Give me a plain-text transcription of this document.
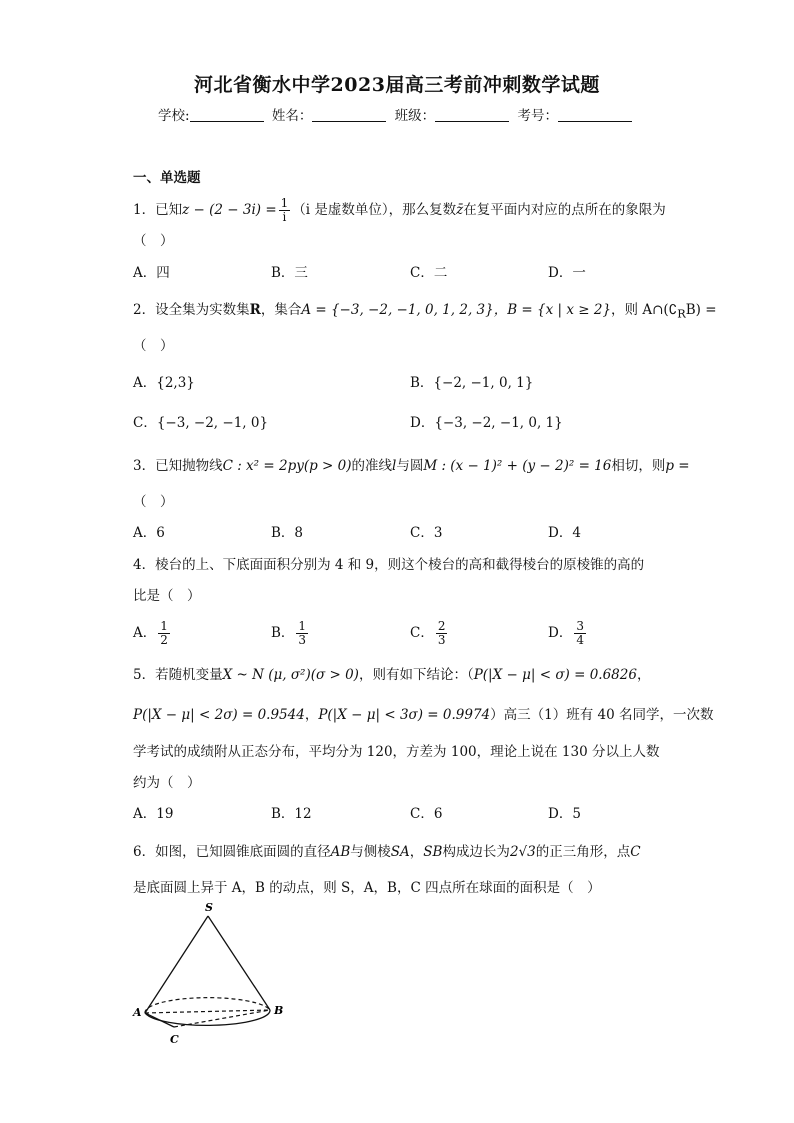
河北省衡水中学2023届高三考前冲刺数学试题
学校:	姓名：	班级：	考号：
一、单选题
1．已知$z - (2 - 3i) = \frac{1}{i} (i$ 是虚数单位），那么复数z̄在复平面内对应的点所在的象限为
（　）
A．四	B．三	C．二	D．一
2．设全集为实数集R，集合A = {−3, −2, −1, 0, 1, 2, 3}，B = {x | x ≥ 2}，则 $A\cap(∁_RB)$ =
（　）
A．{2,3}	B．{−2, −1, 0, 1}
C．{−3, −2, −1, 0}	D．{−3, −2, −1, 0, 1}
3．已知抛物线C : x² = 2py(p > 0)的准线l与圆M : (x − 1)² + (y − 2)² = 16相切，则p =
（　）
A．6	B．8	C．3	D．4
4．棱台的上、下底面面积分别为 4 和 9，则这个棱台的高和截得棱台的原棱锥的高的
比是（　）
A． $\frac{1}{2}$	B． $\frac{1}{3}$	C． $\frac{2}{3}$	D． $\frac{3}{4}$
5．若随机变量X ~ N (μ, σ²)(σ > 0)，则有如下结论：（P(|X − μ| < σ) = 0.6826，
P(|X − μ| < 2σ) = 0.9544，P(|X − μ| < 3σ) = 0.9974）高三（1）班有 40 名同学，一次数
学考试的成绩附从正态分布，平均分为 120，方差为 100，理论上说在 130 分以上人数
约为（　）
A．19	B．12	C．6	D．5
6．如图，已知圆锥底面圆的直径AB与侧棱SA，SB构成边长为2√3的正三角形，点C
是底面圆上异于 A，B 的动点，则 S，A，B，C 四点所在球面的面积是（　）
S
A	B
C
